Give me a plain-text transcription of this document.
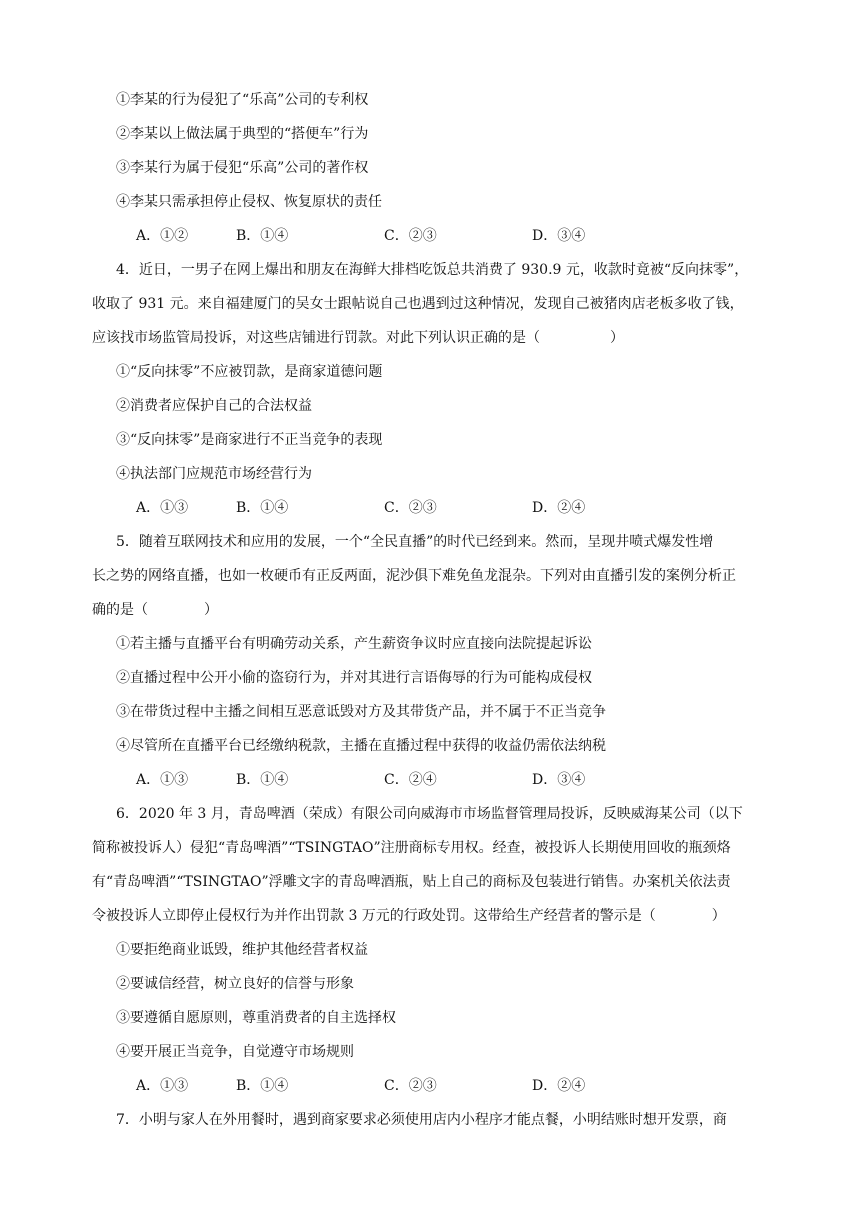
①李某的行为侵犯了“乐高”公司的专利权
②李某以上做法属于典型的“搭便车”行为
③李某行为属于侵犯“乐高”公司的著作权
④李某只需承担停止侵权、恢复原状的责任
A．①②	B．①④	C．②③	D．③④
4．近日，一男子在网上爆出和朋友在海鲜大排档吃饭总共消费了 930.9 元，收款时竟被“反向抹零”，
收取了 931 元。来自福建厦门的吴女士跟帖说自己也遇到过这种情况，发现自己被猪肉店老板多收了钱，
应该找市场监管局投诉，对这些店铺进行罚款。对此下列认识正确的是（　　　　　）
①“反向抹零”不应被罚款，是商家道德问题
②消费者应保护自己的合法权益
③“反向抹零”是商家进行不正当竞争的表现
④执法部门应规范市场经营行为
A．①③	B．①④	C．②③	D．②④
5．随着互联网技术和应用的发展，一个“全民直播”的时代已经到来。然而，呈现井喷式爆发性增
长之势的网络直播，也如一枚硬币有正反两面，泥沙俱下难免鱼龙混杂。下列对由直播引发的案例分析正
确的是（　　　　）
①若主播与直播平台有明确劳动关系，产生薪资争议时应直接向法院提起诉讼
②直播过程中公开小偷的盗窃行为，并对其进行言语侮辱的行为可能构成侵权
③在带货过程中主播之间相互恶意诋毁对方及其带货产品，并不属于不正当竞争
④尽管所在直播平台已经缴纳税款，主播在直播过程中获得的收益仍需依法纳税
A．①③	B．①④	C．②④	D．③④
6．2020 年 3 月，青岛啤酒（荣成）有限公司向威海市市场监督管理局投诉，反映威海某公司（以下
简称被投诉人）侵犯“青岛啤酒”“TSINGTAO”注册商标专用权。经查，被投诉人长期使用回收的瓶颈烙
有“青岛啤酒”“TSINGTAO”浮雕文字的青岛啤酒瓶，贴上自己的商标及包装进行销售。办案机关依法责
令被投诉人立即停止侵权行为并作出罚款 3 万元的行政处罚。这带给生产经营者的警示是（　　　　）
①要拒绝商业诋毁，维护其他经营者权益
②要诚信经营，树立良好的信誉与形象
③要遵循自愿原则，尊重消费者的自主选择权
④要开展正当竞争，自觉遵守市场规则
A．①③	B．①④	C．②③	D．②④
7．小明与家人在外用餐时，遇到商家要求必须使用店内小程序才能点餐，小明结账时想开发票，商
